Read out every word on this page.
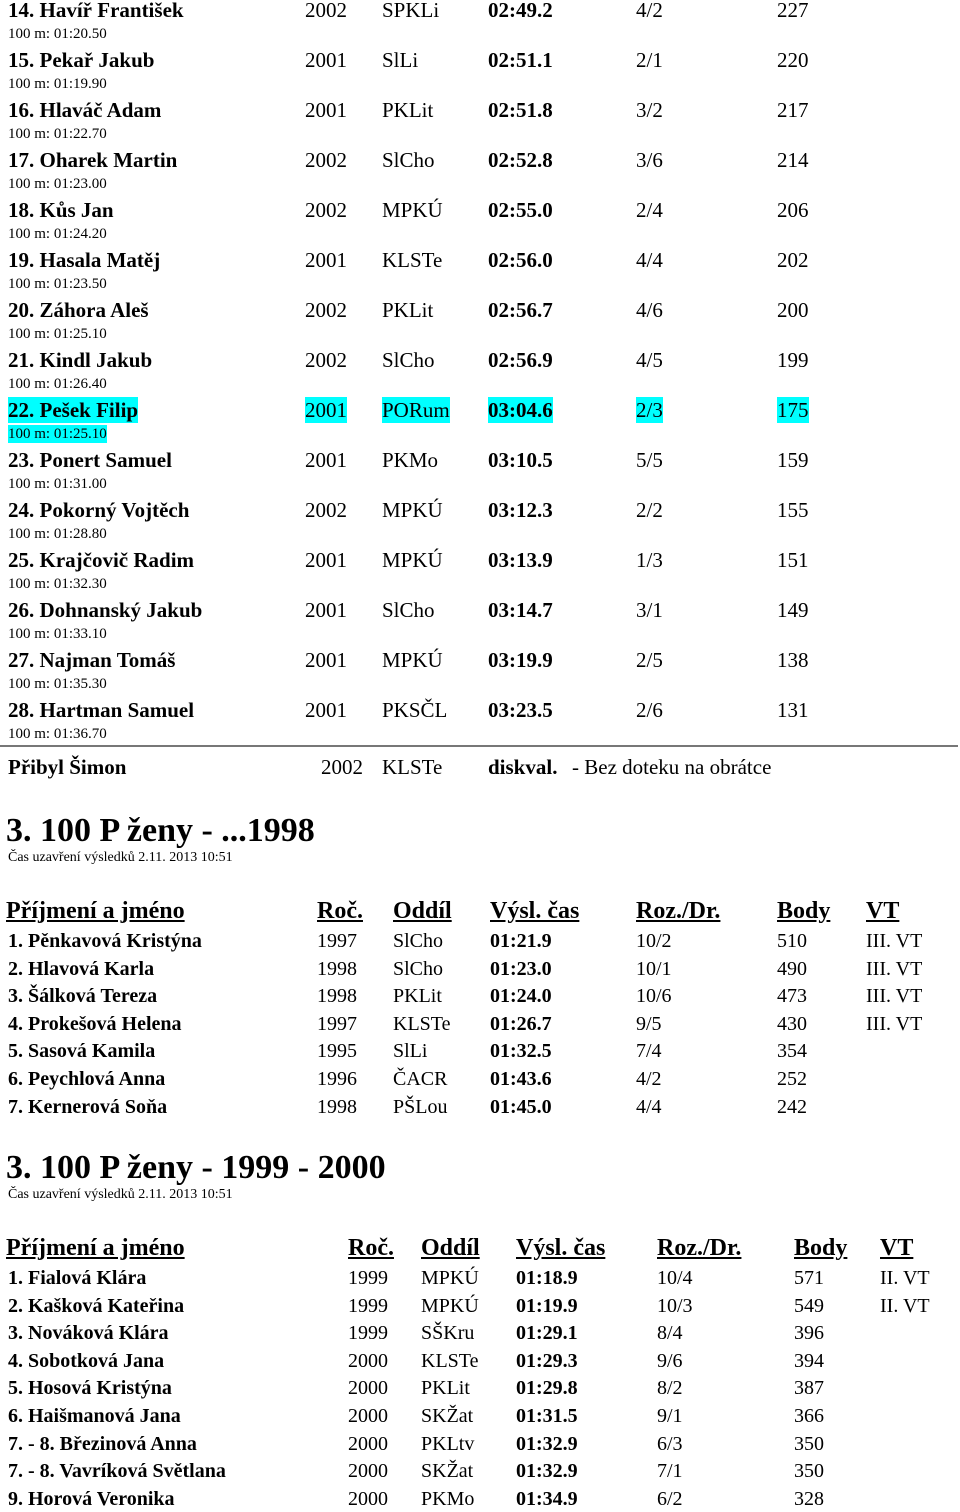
14. Havíř František	2002 SPKLi 02:49.2	4/2	227
100 m: 01:20.50
15. Pekař Jakub	2001 SlLi	02:51.1	2/1	220
100 m: 01:19.90
16. Hlaváč Adam	2001 PKLit	02:51.8	3/2	217
100 m: 01:22.70
17. Oharek Martin	2002 SlCho	02:52.8	3/6	214
100 m: 01:23.00
18. Kůs Jan	2002 MPKÚ 02:55.0	2/4	206
100 m: 01:24.20
19. Hasala Matěj	2001 KLSTe 02:56.0	4/4	202
100 m: 01:23.50
20. Záhora Aleš	2002 PKLit	02:56.7	4/6	200
100 m: 01:25.10
21. Kindl Jakub	2002 SlCho	02:56.9	4/5	199
100 m: 01:26.40
22. Pešek Filip	2001 PORum 03:04.6	2/3	175
100 m: 01:25.10
23. Ponert Samuel	2001 PKMo 03:10.5	5/5	159
100 m: 01:31.00
24. Pokorný Vojtěch	2002 MPKÚ 03:12.3	2/2	155
100 m: 01:28.80
25. Krajčovič Radim	2001 MPKÚ 03:13.9	1/3	151
100 m: 01:32.30
26. Dohnanský Jakub	2001 SlCho	03:14.7	3/1	149
100 m: 01:33.10
27. Najman Tomáš	2001 MPKÚ 03:19.9	2/5	138
100 m: 01:35.30
28. Hartman Samuel	2001 PKSČL 03:23.5	2/6	131
100 m: 01:36.70
Přibyl Šimon	2002 KLSTe diskval. - Bez doteku na obrátce
3. 100 P ženy - ...1998
Čas uzavření výsledků 2.11. 2013 10:51
Příjmení a jméno	Roč. Oddíl Výsl. čas Roz./Dr. Body VT
1. Pěnkavová Kristýna	1997 SlCho 01:21.9	10/2	510	III. VT
2. Hlavová Karla	1998 SlCho 01:23.0	10/1	490	III. VT
3. Šálková Tereza	1998 PKLit 01:24.0	10/6	473	III. VT
4. Prokešová Helena	1997 KLSTe 01:26.7	9/5	430	III. VT
5. Sasová Kamila	1995 SlLi	01:32.5	7/4	354
6. Peychlová Anna	1996 ČACR 01:43.6	4/2	252
7. Kernerová Soňa	1998 PŠLou 01:45.0	4/4	242
3. 100 P ženy - 1999 - 2000
Čas uzavření výsledků 2.11. 2013 10:51
Příjmení a jméno	Roč. Oddíl Výsl. čas Roz./Dr. Body VT
1. Fialová Klára	1999 MPKÚ 01:18.9	10/4	571	II. VT
2. Kašková Kateřina	1999 MPKÚ 01:19.9	10/3	549	II. VT
3. Nováková Klára	1999 SŠKru 01:29.1	8/4	396
4. Sobotková Jana	2000 KLSTe 01:29.3	9/6	394
5. Hosová Kristýna	2000 PKLit 01:29.8	8/2	387
6. Haišmanová Jana	2000 SKŽat 01:31.5	9/1	366
7. - 8. Březinová Anna	2000 PKLtv 01:32.9	6/3	350
7. - 8. Vavríková Světlana	2000 SKŽat 01:32.9	7/1	350
9. Horová Veronika	2000 PKMo 01:34.9	6/2	328
